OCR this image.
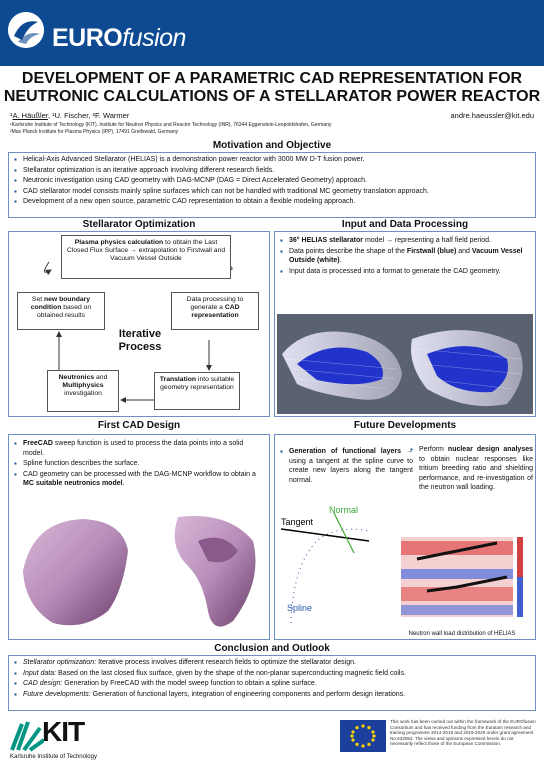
EUROfusion
DEVELOPMENT OF A PARAMETRIC CAD REPRESENTATION FOR
NEUTRONIC CALCULATIONS OF A STELLARATOR POWER REACTOR
¹A. Häußler, ¹U. Fischer, ²F. Warmer	andre.haeussler@kit.edu
¹Karlsruhe Institute of Technology (KIT), Institute for Neutron Physics and Reactor Technology (INR), 76344 Eggenstein-Leopoldshafen, Germany
²Max Planck Institute for Plasma Physics (IPP), 17491 Greifswald, Germany
Motivation and Objective
▪ Helical-Axis Advanced Stellarator (HELIAS) is a demonstration power reactor with 3000 MW D-T fusion power.
▪ Stellarator optimization is an iterative approach involving different research fields.
▪ Neutronic investigation using CAD geometry with DAG-MCNP (DAG = Direct Accelerated Geometry) approach.
▪ CAD stellarator model consists mainly spline surfaces which can not be handled with traditional MC geometry translation approach.
▪ Development of a new open source, parametric CAD representation to obtain a flexible modeling approach.
Stellarator Optimization
Plasma physics calculation to obtain the Last Closed Flux Surface → extrapolation to Firstwall and Vacuum Vessel Outside
Set new boundary condition based on obtained results
Data processing to generate a CAD representation
Iterative
Process
Neutronics and Multiphysics investigation
Translation into suitable geometry representation
Input and Data Processing
▪ 36° HELIAS stellarator model → representing a half field period.
▪ Data points describe the shape of the Firstwall (blue) and Vacuum Vessel Outside (white).
▪ Input data is processed into a format to generate the CAD geometry.
First CAD Design
▪ FreeCAD sweep function is used to process the data points into a solid model.
▪ Spline function describes the surface.
▪ CAD geometry can be processed with the DAG-MCNP workflow to obtain a MC suitable neutronics model.
Future Developments
▪ Generation of functional layers → using a tangent at the spline curve to create new layers along the tangent normal.
▪ Perform nuclear design analyses to obtain nuclear responses like tritium breeding ratio and shielding performance, and re-investigation of the neutron wall loading.
Tangent
Normal
Spline
Neutron wall load distribution of HELIAS
Conclusion and Outlook
▪ Stellarator optimization: Iterative process involves different research fields to optimize the stellarator design.
▪ Input data: Based on the last closed flux surface, given by the shape of the non-planar superconducting magnetic field coils.
▪ CAD design: Generation by FreeCAD with the model sweep function to obtain a spline surface.
▪ Future developments: Generation of functional layers, integration of engineering components and perform design iterations.
KIT
Karlsruhe Institute of Technology
This work has been carried out within the framework of the EUROfusion Consortium and has received funding from the Euratom research and training programme 2014-2018 and 2019-2020 under grant agreement No 633053. The views and opinions expressed herein do not necessarily reflect those of the European Commission.
